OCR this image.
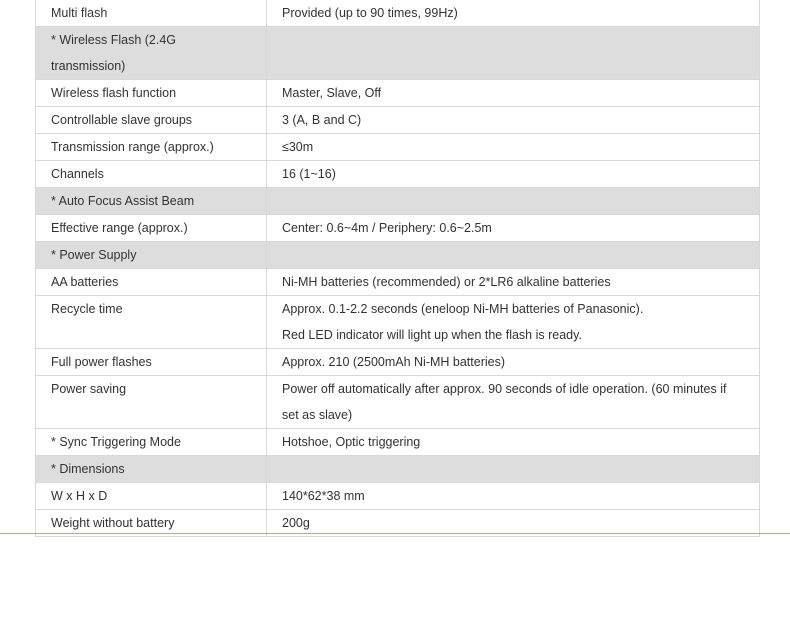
Multi flash	Provided (up to 90 times, 99Hz)

* Wireless Flash (2.4G transmission)	
Wireless flash function	Master, Slave, Off

Controllable slave groups	3 (A, B and C)

Transmission range (approx.)	≤30m

Channels	16 (1~16)

* Auto Focus Assist Beam	
Effective range (approx.)	Center: 0.6~4m / Periphery: 0.6~2.5m

* Power Supply	
AA batteries	Ni-MH batteries (recommended) or 2*LR6 alkaline batteries

Recycle time	Approx. 0.1-2.2 seconds (eneloop Ni-MH batteries of Panasonic).
Red LED indicator will light up when the flash is ready.

Full power flashes	Approx. 210 (2500mAh Ni-MH batteries)

Power saving	Power off automatically after approx. 90 seconds of idle operation. (60 minutes if
set as slave)

* Sync Triggering Mode	Hotshoe, Optic triggering

* Dimensions	
W x H x D	140*62*38 mm

Weight without battery	200g
